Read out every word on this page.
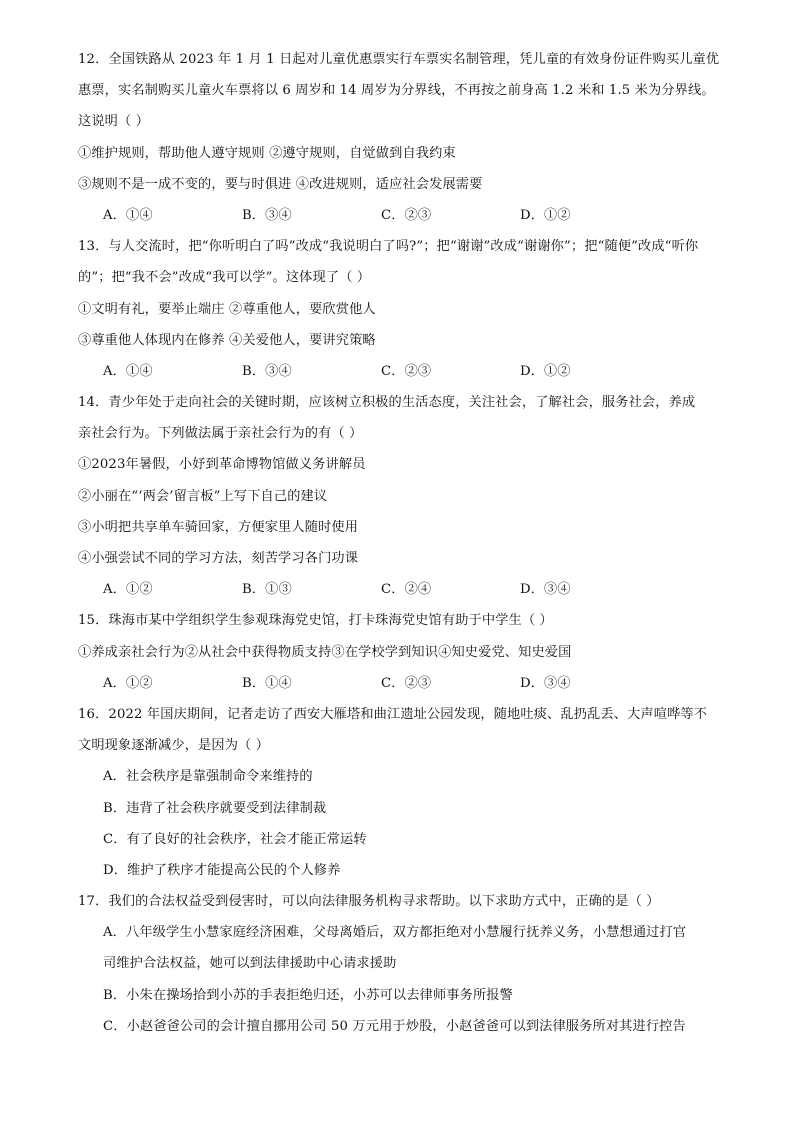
12．全国铁路从 2023 年 1 月 1 日起对儿童优惠票实行车票实名制管理，凭儿童的有效身份证件购买儿童优
惠票，实名制购买儿童火车票将以 6 周岁和 14 周岁为分界线，不再按之前身高 1.2 米和 1.5 米为分界线。
这说明（ ）
①维护规则，帮助他人遵守规则 ②遵守规则，自觉做到自我约束
③规则不是一成不变的，要与时俱进 ④改进规则，适应社会发展需要
A．①④	B．③④	C．②③	D．①②
13．与人交流时，把“你听明白了吗”改成“我说明白了吗?”；把“谢谢”改成“谢谢你”；把“随便”改成“听你
的”；把“我不会”改成“我可以学”。这体现了（ ）
①文明有礼，要举止端庄 ②尊重他人，要欣赏他人
③尊重他人体现内在修养 ④关爱他人，要讲究策略
A．①④	B．③④	C．②③	D．①②
14．青少年处于走向社会的关键时期，应该树立积极的生活态度，关注社会，了解社会，服务社会，养成
亲社会行为。下列做法属于亲社会行为的有（ ）
①2023年暑假，小妤到革命博物馆做义务讲解员
②小丽在“‘两会’留言板”上写下自己的建议
③小明把共享单车骑回家，方便家里人随时使用
④小强尝试不同的学习方法，刻苦学习各门功课
A．①②	B．①③	C．②④	D．③④
15．珠海市某中学组织学生参观珠海党史馆，打卡珠海党史馆有助于中学生（ ）
①养成亲社会行为②从社会中获得物质支持③在学校学到知识④知史爱党、知史爱国
A．①②	B．①④	C．②③	D．③④
16．2022 年国庆期间，记者走访了西安大雁塔和曲江遗址公园发现，随地吐痰、乱扔乱丢、大声喧哗等不
文明现象逐渐减少，是因为（ ）
A．社会秩序是靠强制命令来维持的
B．违背了社会秩序就要受到法律制裁
C．有了良好的社会秩序，社会才能正常运转
D．维护了秩序才能提高公民的个人修养
17．我们的合法权益受到侵害时，可以向法律服务机构寻求帮助。以下求助方式中，正确的是（ ）
A．八年级学生小慧家庭经济困难，父母离婚后，双方都拒绝对小慧履行抚养义务，小慧想通过打官
司维护合法权益，她可以到法律援助中心请求援助
B．小朱在操场拾到小苏的手表拒绝归还，小苏可以去律师事务所报警
C．小赵爸爸公司的会计擅自挪用公司 50 万元用于炒股，小赵爸爸可以到法律服务所对其进行控告
